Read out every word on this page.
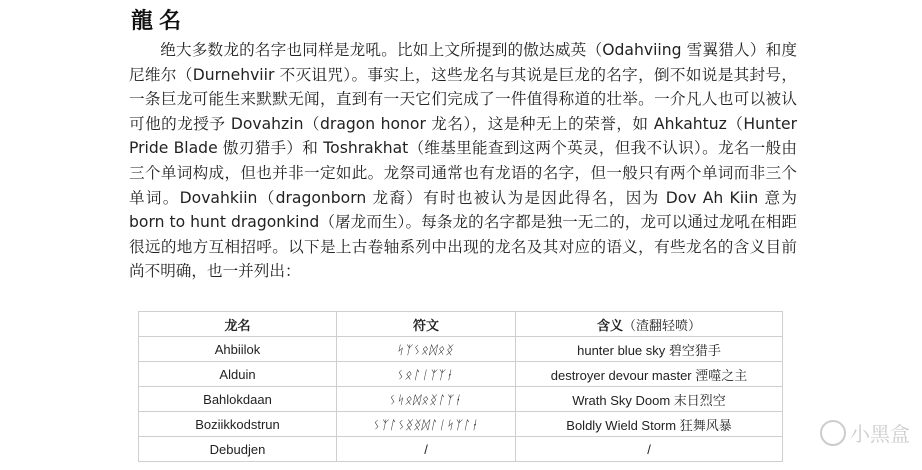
龍名

绝大多数龙的名字也同样是龙吼。比如上文所提到的傲达威英（Odahviing 雪翼猎人）和度尼维尔（Durnehviir 不灭诅咒）。事实上，这些龙名与其说是巨龙的名字，倒不如说是其封号，一条巨龙可能生来默默无闻，直到有一天它们完成了一件值得称道的壮举。一介凡人也可以被认可他的龙授予 Dovahzin（dragon honor 龙名），这是种无上的荣誉，如 Ahkahtuz（Hunter Pride Blade 傲刃猎手）和 Toshrakhat（维基里能查到这两个英灵，但我不认识）。龙名一般由三个单词构成，但也并非一定如此。龙祭司通常也有龙语的名字，但一般只有两个单词而非三个单词。Dovahkiin（dragonborn 龙裔）有时也被认为是因此得名，因为 Dov Ah Kiin 意为 born to hunt dragonkind（屠龙而生）。每条龙的名字都是独一无二的，龙可以通过龙吼在相距很远的地方互相招呼。以下是上古卷轴系列中出现的龙名及其对应的语义，有些龙名的含义目前尚不明确，也一并列出：

龙名	符文	含义（渣翻轻喷）
Ahbiilok	ᛋᛉᛊᛟᛞᛟᛝ	hunter blue sky 碧空猎手
Alduin	ᛊᛟᛚᛁᛉᛉᛂ	destroyer devour master 湮噬之主
Bahlokdaan	ᛊᛋᛟᛞᛟᛝᛚᛉᛂ	Wrath Sky Doom 末日烈空
Boziikkodstrun	ᛊᛉᛚᛊᛝᛝᛞᛚᛁᛋᛉᛚᛂ	Boldly Wield Storm 狂舞风暴
Debudjen	/	/
小黑盒
